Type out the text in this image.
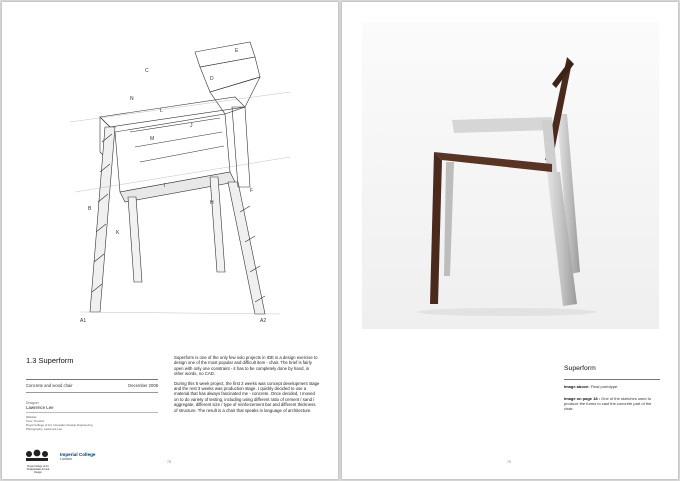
A1	A2
B
C
D
E
F
H
I
J
K
L
M
N
1.3 Superform
Concrete and wood chair	December 2008
Designer
Lawrence Lee
Website
Tutor: Product
Royal College of Art, Innovation Design Engineering
Photography: Lawrence Lee
Royal College of Art Postgraduate Art and Design
Imperial College
London

Superform is one of the only few solo projects in IDE is a design exercise to design one of the most popular and difficult item - chair. The brief is fairly open with only one constraint - it has to be completely done by hand, in other words, no CAD.

During this 5 week project, the first 2 weeks was concept development stage and the rest 3 weeks was production stage. I quickly decided to use a material that has always fascinated me - concrete. Once decided, I moved on to do variety of testing, including using different ratio of cement / sand / aggregate, different size / type of reinforcement bar and different thickness of structure. The result is a chair that speaks in language of architecture.

78
Superform
Image above: Final prototype.
Image on page 18 : One of the sketches used to produce the forms to cast the concrete part of the chair.
79
